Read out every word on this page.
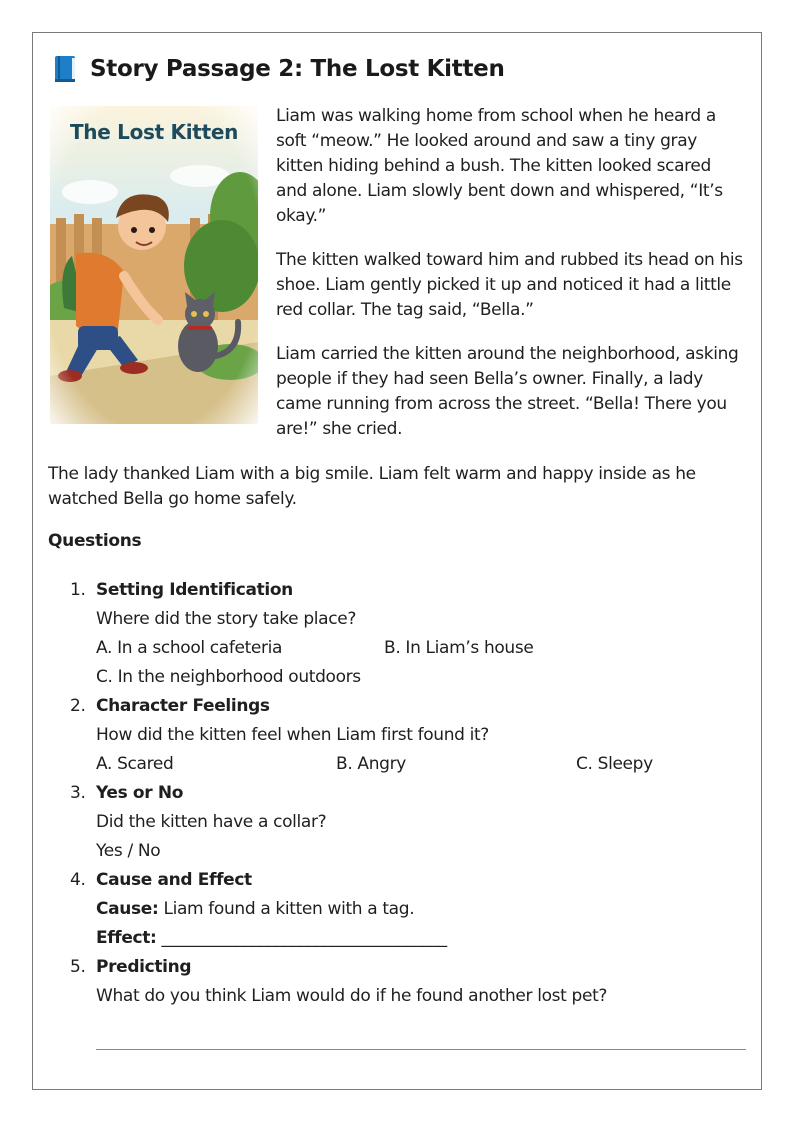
Story Passage 2: The Lost Kitten
The Lost Kitten

Liam was walking home from school when he heard a soft “meow.” He looked around and saw a tiny gray kitten hiding behind a bush. The kitten looked scared and alone. Liam slowly bent down and whispered, “It’s okay.”

The kitten walked toward him and rubbed its head on his shoe. Liam gently picked it up and noticed it had a little red collar. The tag said, “Bella.”

Liam carried the kitten around the neighborhood, asking people if they had seen Bella’s owner. Finally, a lady came running from across the street. “Bella! There you are!” she cried.

The lady thanked Liam with a big smile. Liam felt warm and happy inside as he watched Bella go home safely.

Questions
1. Setting Identification
Where did the story take place?
A. In a school cafeteria	B. In Liam’s house
C. In the neighborhood outdoors
2. Character Feelings
How did the kitten feel when Liam first found it?
A. Scared	B. Angry	C. Sleepy
3. Yes or No
Did the kitten have a collar?
Yes / No
4. Cause and Effect
Cause: Liam found a kitten with a tag.
Effect: ___________________________________
5. Predicting
What do you think Liam would do if he found another lost pet?
